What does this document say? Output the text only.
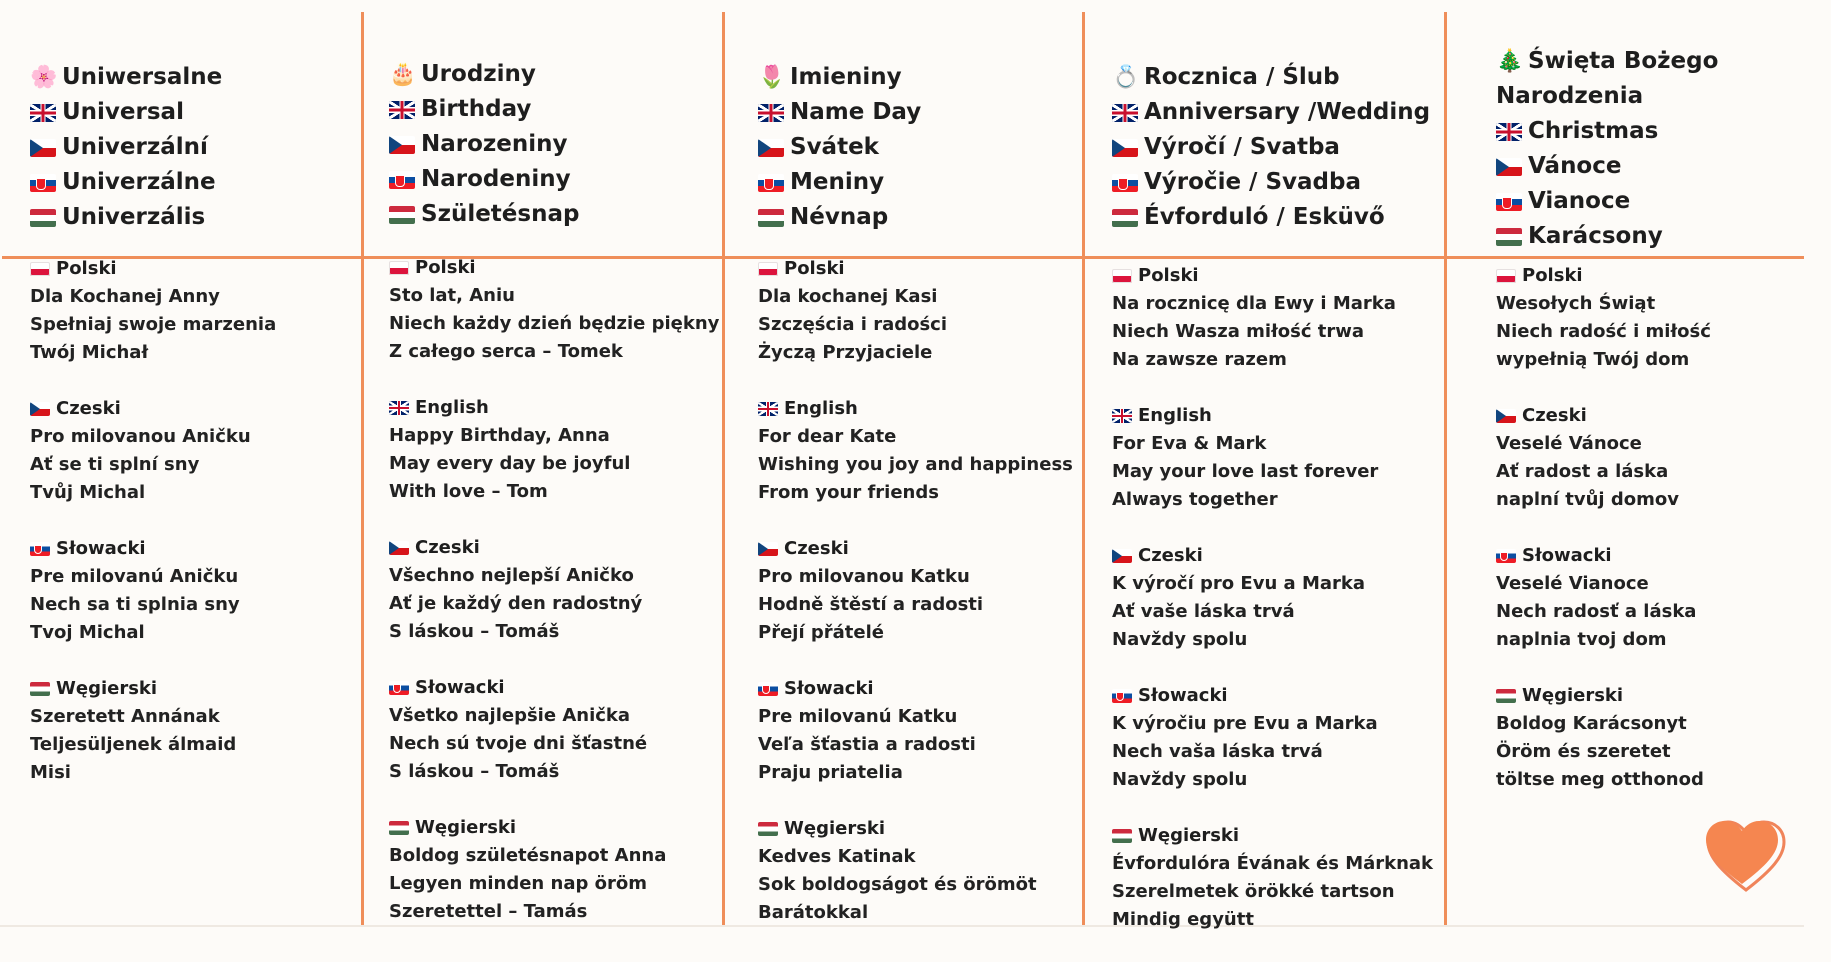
🌸 Uniwersalne
Universal
Univerzální
Univerzálne
Univerzális
Polski
Dla Kochanej Anny
Spełniaj swoje marzenia
Twój Michał
Czeski
Pro milovanou Aničku
Ať se ti splní sny
Tvůj Michal
Słowacki
Pre milovanú Aničku
Nech sa ti splnia sny
Tvoj Michal
Węgierski
Szeretett Annának
Teljesüljenek álmaid
Misi
🎂 Urodziny
Birthday
Narozeniny
Narodeniny
Születésnap
Polski
Sto lat, Aniu
Niech każdy dzień będzie piękny
Z całego serca – Tomek
English
Happy Birthday, Anna
May every day be joyful
With love – Tom
Czeski
Všechno nejlepší Aničko
Ať je každý den radostný
S láskou – Tomáš
Słowacki
Všetko najlepšie Anička
Nech sú tvoje dni šťastné
S láskou – Tomáš
Węgierski
Boldog születésnapot Anna
Legyen minden nap öröm
Szeretettel – Tamás
🌷 Imieniny
Name Day
Svátek
Meniny
Névnap
Polski
Dla kochanej Kasi
Szczęścia i radości
Życzą Przyjaciele
English
For dear Kate
Wishing you joy and happiness
From your friends
Czeski
Pro milovanou Katku
Hodně štěstí a radosti
Přejí přátelé
Słowacki
Pre milovanú Katku
Veľa šťastia a radosti
Praju priatelia
Węgierski
Kedves Katinak
Sok boldogságot és örömöt
Barátokkal
💍 Rocznica / Ślub
Anniversary /Wedding
Výročí / Svatba
Výročie / Svadba
Évforduló / Esküvő
Polski
Na rocznicę dla Ewy i Marka
Niech Wasza miłość trwa
Na zawsze razem
English
For Eva & Mark
May your love last forever
Always together
Czeski
K výročí pro Evu a Marka
Ať vaše láska trvá
Navždy spolu
Słowacki
K výročiu pre Evu a Marka
Nech vaša láska trvá
Navždy spolu
Węgierski
Évfordulóra Évának és Márknak
Szerelmetek örökké tartson
Mindig együtt
🎄 Święta Bożego
Narodzenia
Christmas
Vánoce
Vianoce
Karácsony
Polski
Wesołych Świąt
Niech radość i miłość
wypełnią Twój dom
Czeski
Veselé Vánoce
Ať radost a láska
naplní tvůj domov
Słowacki
Veselé Vianoce
Nech radosť a láska
naplnia tvoj dom
Węgierski
Boldog Karácsonyt
Öröm és szeretet
töltse meg otthonod
